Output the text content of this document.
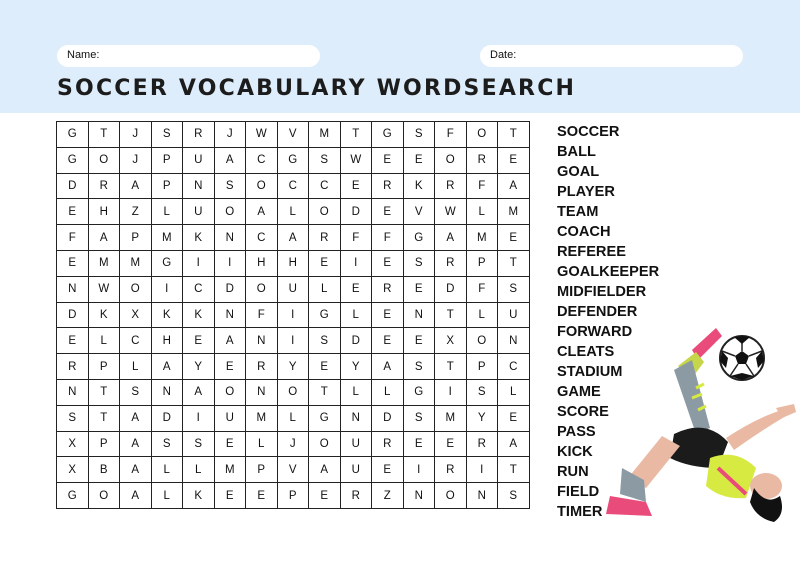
Name:	Date:
SOCCER VOCABULARY WORDSEARCH
G	T	J	S	R	J	W	V	M	T	G	S	F	O	T
G	O	J	P	U	A	C	G	S	W	E	E	O	R	E
D	R	A	P	N	S	O	C	C	E	R	K	R	F	A
E	H	Z	L	U	O	A	L	O	D	E	V	W	L	M
F	A	P	M	K	N	C	A	R	F	F	G	A	M	E
E	M	M	G	I	I	H	H	E	I	E	S	R	P	T
N	W	O	I	C	D	O	U	L	E	R	E	D	F	S
D	K	X	K	K	N	F	I	G	L	E	N	T	L	U
E	L	C	H	E	A	N	I	S	D	E	E	X	O	N
R	P	L	A	Y	E	R	Y	E	Y	A	S	T	P	C
N	T	S	N	A	O	N	O	T	L	L	G	I	S	L
S	T	A	D	I	U	M	L	G	N	D	S	M	Y	E
X	P	A	S	S	E	L	J	O	U	R	E	E	R	A
X	B	A	L	L	M	P	V	A	U	E	I	R	I	T
G	O	A	L	K	E	E	P	E	R	Z	N	O	N	S
SOCCER
BALL
GOAL
PLAYER
TEAM
COACH
REFEREE
GOALKEEPER
MIDFIELDER
DEFENDER
FORWARD
CLEATS
STADIUM
GAME
SCORE
PASS
KICK
RUN
FIELD
TIMER
